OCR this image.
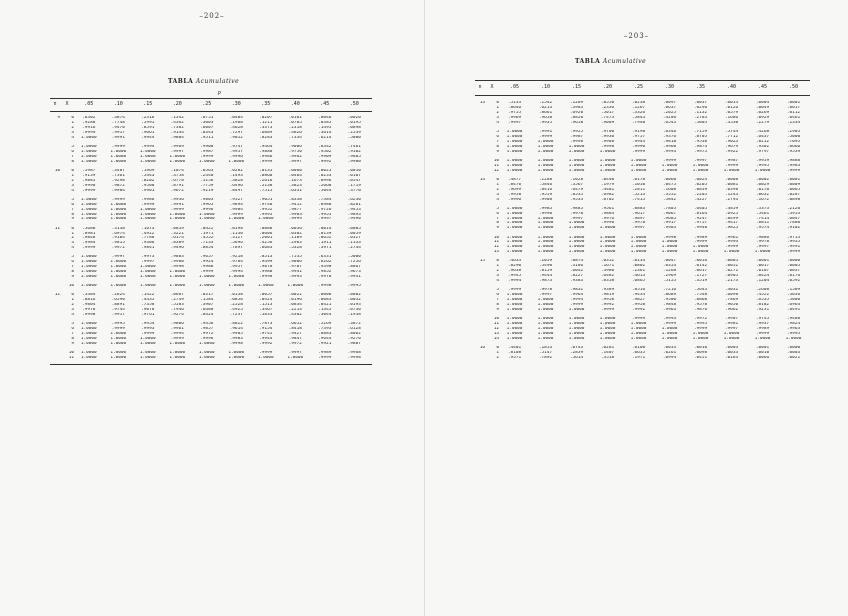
–202–
TABLA Acumulative
P
n X	.05	.10	.15	.20	.25	.30	.35	.40	.45	.50
9	0 .6302	.3874	.2316	.1342	.0751	.0404	.0207	.0101	.0046	.0020
1 .9288	.7748	.5995	.4362	.3003	.1960	.1211	.0705	.0385	.0195
2 .9916	.9470	.8591	.7382	.6007	.4628	.3373	.2318	.1495	.0898
3 .9994	.9917	.9661	.9144	.8343	.7297	.6089	.4826	.3614	.2539
4 1.0000	.9991	.9944	.9804	.9511	.9012	.8283	.7334	.6214	.5000
5 1.0000	.9999	.9994	.9969	.9900	.9747	.9464	.9006	.8342	.7461
6 1.0000	1.0000	1.0000	.9997	.9987	.9957	.9888	.9750	.9502	.9102
7 1.0000	1.0000	1.0000	1.0000	.9999	.9996	.9986	.9962	.9909	.9805
8 1.0000	1.0000	1.0000	1.0000	1.0000	1.0000	.9999	.9997	.9992	.9980
10	0 .5987	.3487	.1969	.1074	.0563	.0282	.0135	.0060	.0025	.0010
1 .9139	.7361	.5443	.3758	.2440	.1493	.0860	.0464	.0233	.0107
2 .9885	.9298	.8202	.6778	.5256	.3828	.2616	.1673	.0996	.0547
3 .9990	.9872	.9500	.8791	.7759	.6496	.5138	.3823	.2660	.1719
4 .9999	.9984	.9901	.9672	.9219	.8497	.7515	.6331	.5044	.3770
5 1.0000	.9999	.9986	.9936	.9803	.9527	.9051	.8338	.7384	.6230
6 1.0000	1.0000	.9999	.9991	.9965	.9894	.9740	.9452	.8980	.8281
7 1.0000	1.0000	1.0000	.9999	.9996	.9984	.9952	.9877	.9726	.9453
8 1.0000	1.0000	1.0000	1.0000	1.0000	.9999	.9995	.9983	.9955	.9893
9 1.0000	1.0000	1.0000	1.0000	1.0000	1.0000	1.0000	.9999	.9997	.9990
11	0 .5688	.3138	.1673	.0859	.0422	.0198	.0088	.0036	.0014	.0005
1 .8981	.6974	.4922	.3221	.1971	.1130	.0606	.0302	.0139	.0059
2 .9848	.9104	.7788	.6174	.4552	.3127	.2001	.1189	.0652	.0327
3 .9984	.9815	.9306	.8389	.7133	.5696	.4256	.2963	.1911	.1133
4 .9999	.9972	.9841	.9496	.8854	.7897	.6683	.5328	.3971	.2744
5 1.0000	.9997	.9973	.9883	.9657	.9218	.8513	.7535	.6331	.5000
6 1.0000	1.0000	.9997	.9980	.9924	.9784	.9499	.9006	.8262	.7256
7 1.0000	1.0000	1.0000	.9998	.9988	.9957	.9878	.9707	.9390	.8867
8 1.0000	1.0000	1.0000	1.0000	.9999	.9994	.9980	.9941	.9852	.9673
9 1.0000	1.0000	1.0000	1.0000	1.0000	1.0000	.9998	.9993	.9978	.9941
10 1.0000	1.0000	1.0000	1.0000	1.0000	1.0000	1.0000	1.0000	.9998	.9995
12	0 .5404	.2824	.1422	.0687	.0317	.0138	.0057	.0022	.0008	.0002
1 .8816	.6590	.4435	.2749	.1584	.0850	.0424	.0196	.0083	.0032
2 .9804	.8891	.7358	.5583	.3907	.2528	.1513	.0834	.0421	.0193
3 .9978	.9744	.9078	.7946	.6488	.4925	.3467	.2253	.1345	.0730
4 .9998	.9957	.9761	.9274	.8424	.7237	.5833	.4382	.3044	.1938
5 1.0000	.9995	.9954	.9806	.9456	.8822	.7873	.6652	.5269	.3872
6 1.0000	.9999	.9993	.9961	.9857	.9614	.9154	.8418	.7393	.6128
7 1.0000	1.0000	.9999	.9994	.9972	.9905	.9745	.9427	.8883	.8062
8 1.0000	1.0000	1.0000	.9999	.9996	.9983	.9944	.9847	.9644	.9270
9 1.0000	1.0000	1.0000	1.0000	1.0000	.9998	.9992	.9972	.9921	.9807
10 1.0000	1.0000	1.0000	1.0000	1.0000	1.0000	.9999	.9997	.9989	.9968
11 1.0000	1.0000	1.0000	1.0000	1.0000	1.0000	1.0000	1.0000	.9999	.9998
–203–
TABLA Acumulative
n X	.05	.10	.15	.20	.25	.30	.35	.40	.45	.50
13	0 .5133	.2542	.1209	.0550	.0238	.0097	.0037	.0013	.0004	.0001
1 .8646	.6213	.3983	.2336	.1267	.0637	.0296	.0126	.0049	.0017
2 .9755	.8661	.6920	.5017	.3326	.2025	.1132	.0579	.0269	.0112
3 .9969	.9658	.8820	.7473	.5843	.4206	.2783	.1686	.0929	.0461
4 .9997	.9935	.9658	.9009	.7940	.6543	.5005	.3530	.2279	.1334
5 1.0000	.9991	.9925	.9700	.9198	.8346	.7159	.5744	.4268	.2905
6 1.0000	.9999	.9987	.9930	.9757	.9376	.8705	.7712	.6437	.5000
7 1.0000	1.0000	.9998	.9988	.9944	.9818	.9538	.9023	.8212	.7095
8 1.0000	1.0000	1.0000	.9998	.9990	.9960	.9874	.9679	.9302	.8666
9 1.0000	1.0000	1.0000	1.0000	.9999	.9993	.9975	.9922	.9797	.9539
10 1.0000	1.0000	1.0000	1.0000	1.0000	.9999	.9997	.9987	.9959	.9888
11 1.0000	1.0000	1.0000	1.0000	1.0000	1.0000	1.0000	.9999	.9995	.9983
12 1.0000	1.0000	1.0000	1.0000	1.0000	1.0000	1.0000	1.0000	1.0000	.9999
14	0 .4877	.2288	.1028	.0440	.0178	.0068	.0024	.0008	.0002	.0001
1 .8470	.5846	.3567	.1979	.1010	.0475	.0205	.0081	.0029	.0009
2 .9699	.8416	.6479	.4481	.2811	.1608	.0839	.0398	.0170	.0065
3 .9958	.9559	.8535	.6982	.5213	.3552	.2205	.1243	.0632	.0287
4 .9996	.9908	.9533	.8702	.7415	.5842	.4227	.2793	.1672	.0898
5 1.0000	.9985	.9885	.9561	.8883	.7805	.6405	.4859	.3373	.2120
6 1.0000	.9998	.9978	.9884	.9617	.9067	.8164	.6925	.5461	.3953
7 1.0000	1.0000	.9997	.9976	.9897	.9685	.9247	.8499	.7414	.6047
8 1.0000	1.0000	1.0000	.9996	.9978	.9917	.9757	.9417	.8811	.7880
9 1.0000	1.0000	1.0000	1.0000	.9997	.9983	.9940	.9825	.9574	.9102
10 1.0000	1.0000	1.0000	1.0000	1.0000	.9998	.9989	.9961	.9886	.9713
11 1.0000	1.0000	1.0000	1.0000	1.0000	1.0000	.9999	.9994	.9978	.9935
12 1.0000	1.0000	1.0000	1.0000	1.0000	1.0000	1.0000	.9999	.9997	.9991
13 1.0000	1.0000	1.0000	1.0000	1.0000	1.0000	1.0000	1.0000	1.0000	.9999
15	0 .4633	.2059	.0874	.0352	.0134	.0047	.0016	.0005	.0001	.0000
1 .8290	.5490	.3186	.1671	.0802	.0353	.0142	.0052	.0017	.0005
2 .9638	.8159	.6042	.3980	.2361	.1268	.0617	.0271	.0107	.0037
3 .9945	.9444	.8227	.6482	.4613	.2969	.1727	.0905	.0424	.0176
4 .9994	.9873	.9383	.8358	.6865	.5155	.3519	.2173	.1204	.0592
5 .9999	.9978	.9832	.9389	.8516	.7216	.5643	.4032	.2608	.1509
6 1.0000	.9997	.9964	.9819	.9434	.8689	.7548	.6098	.4522	.3036
7 1.0000	1.0000	.9994	.9958	.9827	.9500	.8868	.7869	.6535	.5000
8 1.0000	1.0000	.9999	.9992	.9958	.9848	.9578	.9050	.8182	.6964
9 1.0000	1.0000	1.0000	.9999	.9992	.9963	.9876	.9662	.9231	.8491
10 1.0000	1.0000	1.0000	1.0000	.9999	.9993	.9972	.9907	.9745	.9408
11 1.0000	1.0000	1.0000	1.0000	1.0000	.9999	.9995	.9981	.9937	.9824
12 1.0000	1.0000	1.0000	1.0000	1.0000	1.0000	.9999	.9997	.9989	.9963
13 1.0000	1.0000	1.0000	1.0000	1.0000	1.0000	1.0000	1.0000	.9999	.9995
14 1.0000	1.0000	1.0000	1.0000	1.0000	1.0000	1.0000	1.0000	1.0000	1.0000
16	0 .4401	.1853	.0743	.0281	.0100	.0033	.0010	.0003	.0001	.0000
1 .8108	.5147	.2839	.1407	.0635	.0261	.0098	.0033	.0010	.0003
2 .9571	.7892	.5614	.3518	.1971	.0994	.0451	.0183	.0066	.0021
